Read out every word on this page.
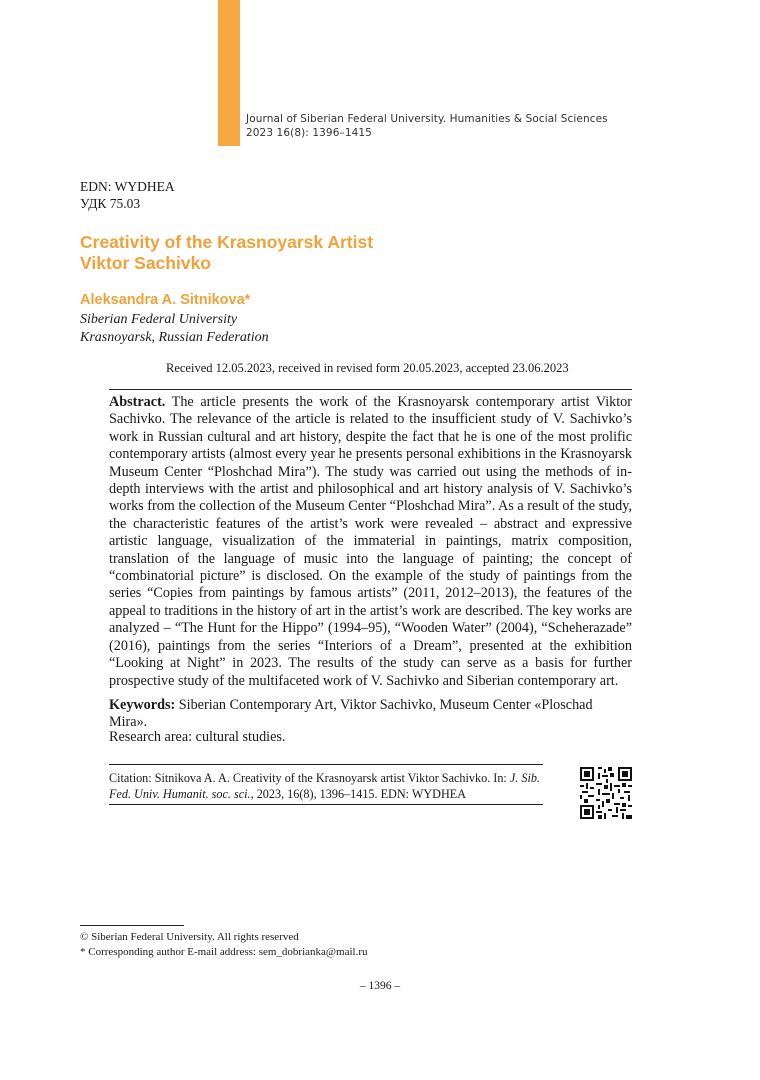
Journal of Siberian Federal University. Humanities & Social Sciences
2023 16(8): 1396–1415
EDN: WYDHEA
УДК 75.03
Creativity of the Krasnoyarsk Artist
Viktor Sachivko
Aleksandra A. Sitnikova*
Siberian Federal University
Krasnoyarsk, Russian Federation
Received 12.05.2023, received in revised form 20.05.2023, accepted 23.06.2023
Abstract. The article presents the work of the Krasnoyarsk contemporary artist Viktor Sachivko. The relevance of the article is related to the insufficient study of V. Sachivko’s work in Russian cultural and art history, despite the fact that he is one of the most prolific contemporary artists (almost every year he presents personal exhibitions in the Krasnoyarsk Museum Center “Ploshchad Mira”). The study was carried out using the methods of in-depth interviews with the artist and philosophical and art history analysis of V. Sachivko’s works from the collection of the Museum Center “Ploshchad Mira”. As a result of the study, the characteristic features of the artist’s work were revealed – abstract and expressive artistic language, visualization of the immaterial in paintings, matrix composition, translation of the language of music into the language of painting; the concept of “combinatorial picture” is disclosed. On the example of the study of paintings from the series “Copies from paintings by famous artists” (2011, 2012–2013), the features of the appeal to traditions in the history of art in the artist’s work are described. The key works are analyzed – “The Hunt for the Hippo” (1994–95), “Wooden Water” (2004), “Scheherazade” (2016), paintings from the series “Interiors of a Dream”, presented at the exhibition “Looking at Night” in 2023. The results of the study can serve as a basis for further prospective study of the multifaceted work of V. Sachivko and Siberian contemporary art.
Keywords: Siberian Contemporary Art, Viktor Sachivko, Museum Center «Ploschad Mira».
Research area: cultural studies.
Citation: Sitnikova A. A. Creativity of the Krasnoyarsk artist Viktor Sachivko. In: J. Sib. Fed. Univ. Humanit. soc. sci., 2023, 16(8), 1396–1415. EDN: WYDHEA
© Siberian Federal University. All rights reserved
* Corresponding author E-mail address: sem_dobrianka@mail.ru
– 1396 –
